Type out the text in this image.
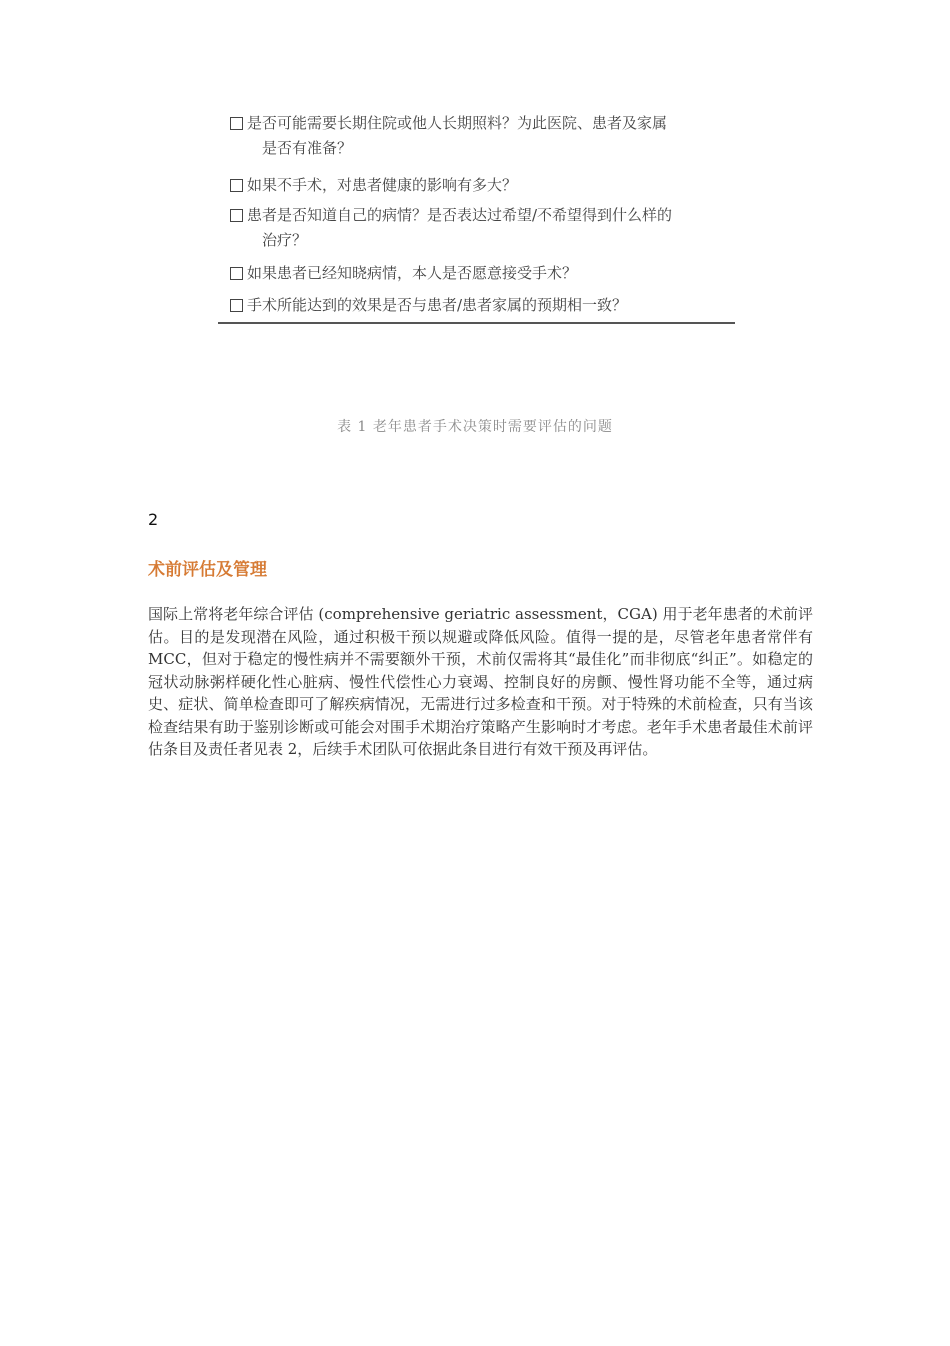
是否可能需要长期住院或他人长期照料？为此医院、患者及家属
是否有准备？
如果不手术，对患者健康的影响有多大？
患者是否知道自己的病情？是否表达过希望/不希望得到什么样的
治疗？
如果患者已经知晓病情，本人是否愿意接受手术？
手术所能达到的效果是否与患者/患者家属的预期相一致？
表 1 老年患者手术决策时需要评估的问题
2
术前评估及管理
国际上常将老年综合评估 (comprehensive geriatric assessment，CGA) 用于老年患者的术前评估。目的是发现潜在风险，通过积极干预以规避或降低风险。值得一提的是，尽管老年患者常伴有 MCC，但对于稳定的慢性病并不需要额外干预，术前仅需将其“最佳化”而非彻底“纠正”。如稳定的冠状动脉粥样硬化性心脏病、慢性代偿性心力衰竭、控制良好的房颤、慢性肾功能不全等，通过病史、症状、简单检查即可了解疾病情况，无需进行过多检查和干预。对于特殊的术前检查，只有当该检查结果有助于鉴别诊断或可能会对围手术期治疗策略产生影响时才考虑。老年手术患者最佳术前评估条目及责任者见表 2，后续手术团队可依据此条目进行有效干预及再评估。
